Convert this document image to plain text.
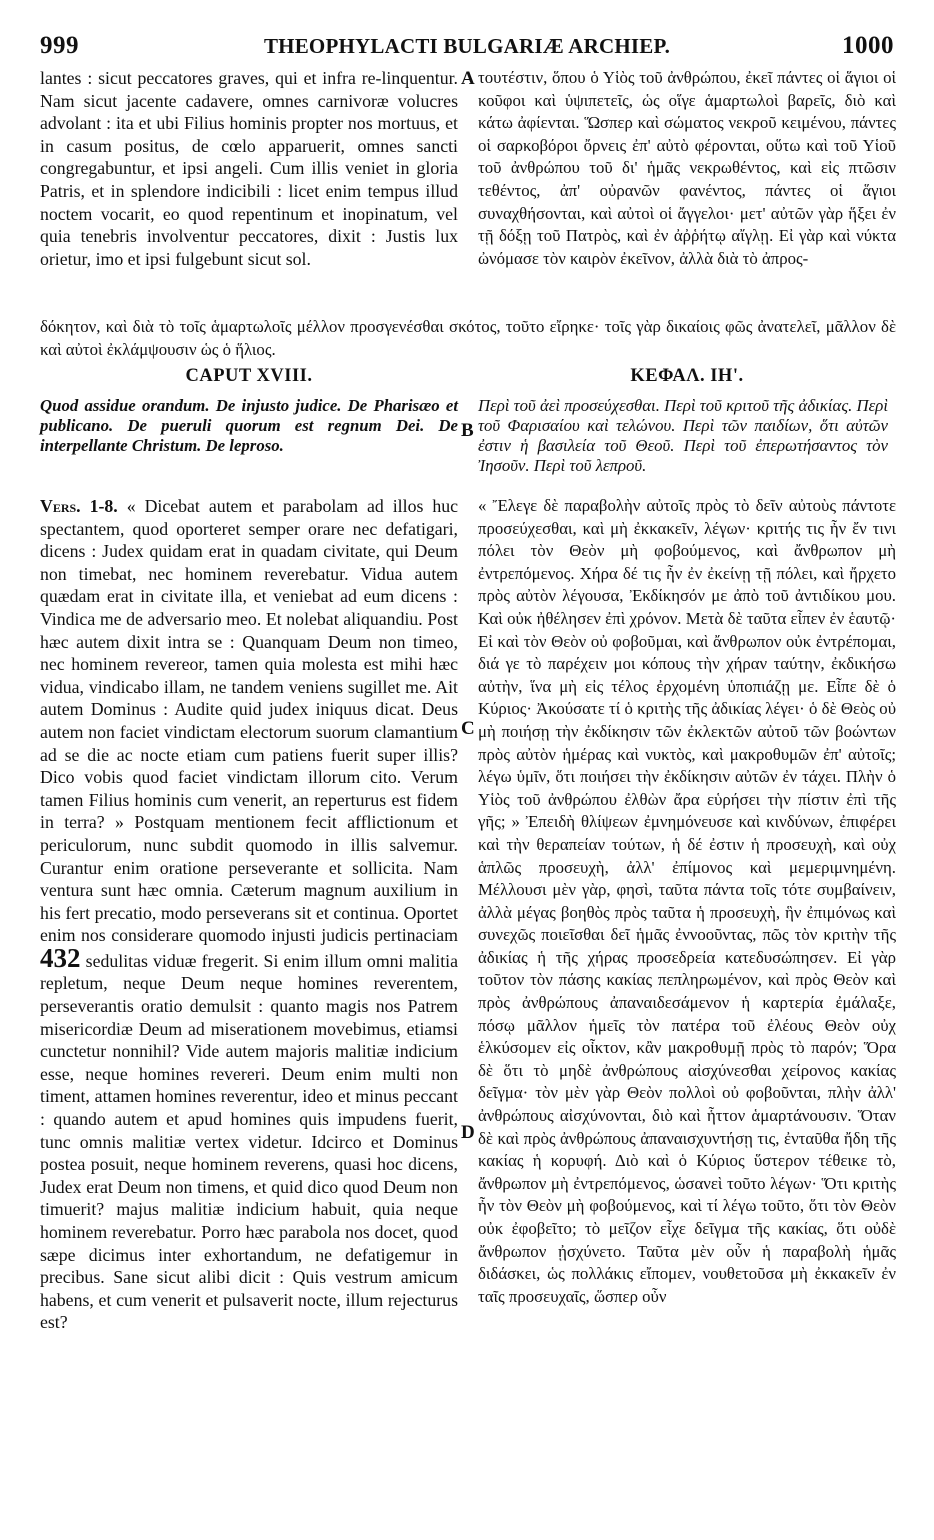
999	THEOPHYLACTI BULGARIÆ ARCHIEP.	1000
A
B
C
D

lantes : sicut peccatores graves, qui et infra re-linquentur. Nam sicut jacente cadavere, omnes carnivoræ volucres advolant : ita et ubi Filius hominis propter nos mortuus, et in casum positus, de cœlo apparuerit, omnes sancti congregabuntur, et ipsi angeli. Cum illis veniet in gloria Patris, et in splendore indicibili : licet enim tempus illud noctem vocarit, eo quod repentinum et inopinatum, vel quia tenebris involventur peccatores, dixit : Justis lux orietur, imo et ipsi fulgebunt sicut sol.

τουτέστιν, ὅπου ὁ Υἱὸς τοῦ ἀνθρώπου, ἐκεῖ πάντες οἱ ἅγιοι οἱ κοῦφοι καὶ ὑψιπετεῖς, ὡς οἵγε ἁμαρτωλοὶ βαρεῖς, διὸ καὶ κάτω ἀφίενται. Ὥσπερ καὶ σώματος νεκροῦ κειμένου, πάντες οἱ σαρκοβόροι ὄρνεις ἐπ' αὐτὸ φέρονται, οὕτω καὶ τοῦ Υἱοῦ τοῦ ἀνθρώπου τοῦ δι' ἡμᾶς νεκρωθέντος, καὶ εἰς πτῶσιν τεθέντος, ἀπ' οὐρανῶν φανέντος, πάντες οἱ ἅγιοι συναχθήσονται, καὶ αὐτοὶ οἱ ἄγγελοι· μετ' αὐτῶν γὰρ ἥξει ἐν τῇ δόξῃ τοῦ Πατρὸς, καὶ ἐν ἀῤῥήτῳ αἴγλῃ. Εἰ γὰρ καὶ νύκτα ὠνόμασε τὸν καιρὸν ἐκεῖνον, ἀλλὰ διὰ τὸ ἀπρος-

δόκητον, καὶ διὰ τὸ τοῖς ἁμαρτωλοῖς μέλλον προσγενέσθαι σκότος, τοῦτο εἴρηκε· τοῖς γὰρ δικαίοις φῶς ἀνατελεῖ, μᾶλλον δὲ καὶ αὐτοὶ ἐκλάμψουσιν ὡς ὁ ἥλιος.
CAPUT XVIII.	ΚΕΦΑΛ. ΙΗ'.
Quod assidue orandum. De injusto judice. De Pharisæo et publicano. De pueruli quorum est regnum Dei. De interpellante Christum. De leproso.
Περὶ τοῦ ἀεὶ προσεύχεσθαι. Περὶ τοῦ κριτοῦ τῆς ἀδικίας. Περὶ τοῦ Φαρισαίου καὶ τελώνου. Περὶ τῶν παιδίων, ὅτι αὐτῶν ἐστιν ἡ βασιλεία τοῦ Θεοῦ. Περὶ τοῦ ἐπερωτήσαντος τὸν Ἰησοῦν. Περὶ τοῦ λεπροῦ.

Vers. 1-8. « Dicebat autem et parabolam ad illos huc spectantem, quod oporteret semper orare nec defatigari, dicens : Judex quidam erat in quadam civitate, qui Deum non timebat, nec hominem reverebatur. Vidua autem quædam erat in civitate illa, et veniebat ad eum dicens : Vindica me de adversario meo. Et nolebat aliquandiu. Post hæc autem dixit intra se : Quanquam Deum non timeo, nec hominem revereor, tamen quia molesta est mihi hæc vidua, vindicabo illam, ne tandem veniens sugillet me. Ait autem Dominus : Audite quid judex iniquus dicat. Deus autem non faciet vindictam electorum suorum clamantium ad se die ac nocte etiam cum patiens fuerit super illis? Dico vobis quod faciet vindictam illorum cito. Verum tamen Filius hominis cum venerit, an reperturus est fidem in terra? » Postquam mentionem fecit afflictionum et periculorum, nunc subdit quomodo in illis salvemur. Curantur enim oratione perseverante et sollicita. Nam ventura sunt hæc omnia. Cæterum magnum auxilium in his fert precatio, modo perseverans sit et continua. Oportet enim nos considerare quomodo injusti judicis pertinaciam 432 sedulitas viduæ fregerit. Si enim illum omni malitia repletum, neque Deum neque homines reverentem, perseverantis oratio demulsit : quanto magis nos Patrem misericordiæ Deum ad miserationem movebimus, etiamsi cunctetur nonnihil? Vide autem majoris malitiæ indicium esse, neque homines revereri. Deum enim multi non timent, attamen homines reverentur, ideo et minus peccant : quando autem et apud homines quis impudens fuerit, tunc omnis malitiæ vertex videtur. Idcirco et Dominus postea posuit, neque hominem reverens, quasi hoc dicens, Judex erat Deum non timens, et quid dico quod Deum non timuerit? majus malitiæ indicium habuit, quia neque hominem reverebatur. Porro hæc parabola nos docet, quod sæpe dicimus inter exhortandum, ne defatigemur in precibus. Sane sicut alibi dicit : Quis vestrum amicum habens, et cum venerit et pulsaverit nocte, illum rejecturus est?

« Ἔλεγε δὲ παραβολὴν αὐτοῖς πρὸς τὸ δεῖν αὐτοὺς πάντοτε προσεύχεσθαι, καὶ μὴ ἐκκακεῖν, λέγων· κριτής τις ἦν ἔν τινι πόλει τὸν Θεὸν μὴ φοβούμενος, καὶ ἄνθρωπον μὴ ἐντρεπόμενος. Χήρα δέ τις ἦν ἐν ἐκείνῃ τῇ πόλει, καὶ ἤρχετο πρὸς αὐτὸν λέγουσα, Ἐκδίκησόν με ἀπὸ τοῦ ἀντιδίκου μου. Καὶ οὐκ ἠθέλησεν ἐπὶ χρόνον. Μετὰ δὲ ταῦτα εἶπεν ἐν ἑαυτῷ· Εἰ καὶ τὸν Θεὸν οὐ φοβοῦμαι, καὶ ἄνθρωπον οὐκ ἐντρέπομαι, διά γε τὸ παρέχειν μοι κόπους τὴν χήραν ταύτην, ἐκδικήσω αὐτὴν, ἵνα μὴ εἰς τέλος ἐρχομένη ὑποπιάζῃ με. Εἶπε δὲ ὁ Κύριος· Ἀκούσατε τί ὁ κριτὴς τῆς ἀδικίας λέγει· ὁ δὲ Θεὸς οὐ μὴ ποιήσῃ τὴν ἐκδίκησιν τῶν ἐκλεκτῶν αὐτοῦ τῶν βοώντων πρὸς αὐτὸν ἡμέρας καὶ νυκτὸς, καὶ μακροθυμῶν ἐπ' αὐτοῖς; λέγω ὑμῖν, ὅτι ποιήσει τὴν ἐκδίκησιν αὐτῶν ἐν τάχει. Πλὴν ὁ Υἱὸς τοῦ ἀνθρώπου ἐλθὼν ἄρα εὑρήσει τὴν πίστιν ἐπὶ τῆς γῆς; » Ἐπειδὴ θλίψεων ἐμνημόνευσε καὶ κινδύνων, ἐπιφέρει καὶ τὴν θεραπείαν τούτων, ἡ δέ ἐστιν ἡ προσευχὴ, καὶ οὐχ ἁπλῶς προσευχὴ, ἀλλ' ἐπίμονος καὶ μεμεριμνημένη. Μέλλουσι μὲν γὰρ, φησὶ, ταῦτα πάντα τοῖς τότε συμβαίνειν, ἀλλὰ μέγας βοηθὸς πρὸς ταῦτα ἡ προσευχὴ, ἣν ἐπιμόνως καὶ συνεχῶς ποιεῖσθαι δεῖ ἡμᾶς ἐννοοῦντας, πῶς τὸν κριτὴν τῆς ἀδικίας ἡ τῆς χήρας προσεδρεία κατεδυσώπησεν. Εἰ γὰρ τοῦτον τὸν πάσης κακίας πεπληρωμένον, καὶ πρὸς Θεὸν καὶ πρὸς ἀνθρώπους ἀπαναιδεσάμενον ἡ καρτερία ἐμάλαξε, πόσῳ μᾶλλον ἡμεῖς τὸν πατέρα τοῦ ἐλέους Θεὸν οὐχ ἑλκύσομεν εἰς οἶκτον, κἂν μακροθυμῇ πρὸς τὸ παρόν; Ὅρα δὲ ὅτι τὸ μηδὲ ἀνθρώπους αἰσχύνεσθαι χείρονος κακίας δεῖγμα· τὸν μὲν γὰρ Θεὸν πολλοὶ οὐ φοβοῦνται, πλὴν ἀλλ' ἀνθρώπους αἰσχύνονται, διὸ καὶ ἧττον ἁμαρτάνουσιν. Ὅταν δὲ καὶ πρὸς ἀνθρώπους ἀπαναισχυντήσῃ τις, ἐνταῦθα ἤδη τῆς κακίας ἡ κορυφή. Διὸ καὶ ὁ Κύριος ὕστερον τέθεικε τὸ, ἄνθρωπον μὴ ἐντρεπόμενος, ὡσανεὶ τοῦτο λέγων· Ὅτι κριτὴς ἦν τὸν Θεὸν μὴ φοβούμενος, καὶ τί λέγω τοῦτο, ὅτι τὸν Θεὸν οὐκ ἐφοβεῖτο; τὸ μεῖζον εἶχε δεῖγμα τῆς κακίας, ὅτι οὐδὲ ἄνθρωπον ᾐσχύνετο. Ταῦτα μὲν οὖν ἡ παραβολὴ ἡμᾶς διδάσκει, ὡς πολλάκις εἴπομεν, νουθετοῦσα μὴ ἐκκακεῖν ἐν ταῖς προσευχαῖς, ὥσπερ οὖν
